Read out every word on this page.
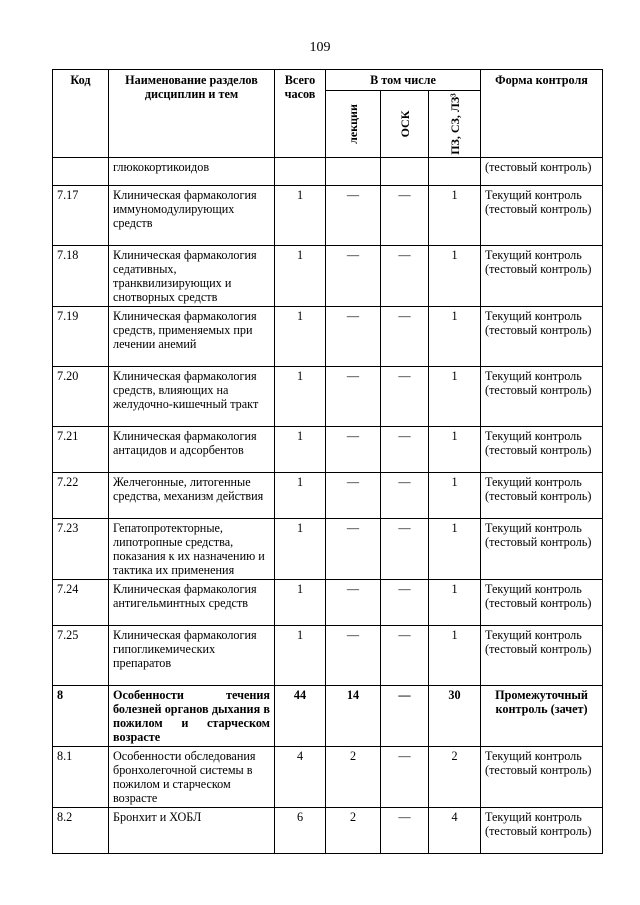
109
Код	Наименование разделов дисциплин и тем	Всего часов	В том числе			Форма контроля

			лекции	ОСК	ПЗ, СЗ, ЛЗ³	

	глюкокортикоидов					(тестовый контроль)
7.17	Клиническая фармакология иммуномодулирующих средств	1	—	—	1	Текущий контроль (тестовый контроль)
7.18	Клиническая фармакология седативных, транквилизирующих и снотворных средств	1	—	—	1	Текущий контроль (тестовый контроль)
7.19	Клиническая фармакология средств, применяемых при лечении анемий	1	—	—	1	Текущий контроль (тестовый контроль)
7.20	Клиническая фармакология средств, влияющих на желудочно-кишечный тракт	1	—	—	1	Текущий контроль (тестовый контроль)
7.21	Клиническая фармакология антацидов и адсорбентов	1	—	—	1	Текущий контроль (тестовый контроль)
7.22	Желчегонные, литогенные средства, механизм действия	1	—	—	1	Текущий контроль (тестовый контроль)
7.23	Гепатопротекторные, липотропные средства, показания к их назначению и тактика их применения	1	—	—	1	Текущий контроль (тестовый контроль)
7.24	Клиническая фармакология антигельминтных средств	1	—	—	1	Текущий контроль (тестовый контроль)
7.25	Клиническая фармакология гипогликемических препаратов	1	—	—	1	Текущий контроль (тестовый контроль)
8	Особенности течения болезней органов дыхания в пожилом и старческом возрасте	44	14	—	30	Промежуточный контроль (зачет)
8.1	Особенности обследования бронхолегочной системы в пожилом и старческом возрасте	4	2	—	2	Текущий контроль (тестовый контроль)
8.2	Бронхит и ХОБЛ	6	2	—	4	Текущий контроль (тестовый контроль)
